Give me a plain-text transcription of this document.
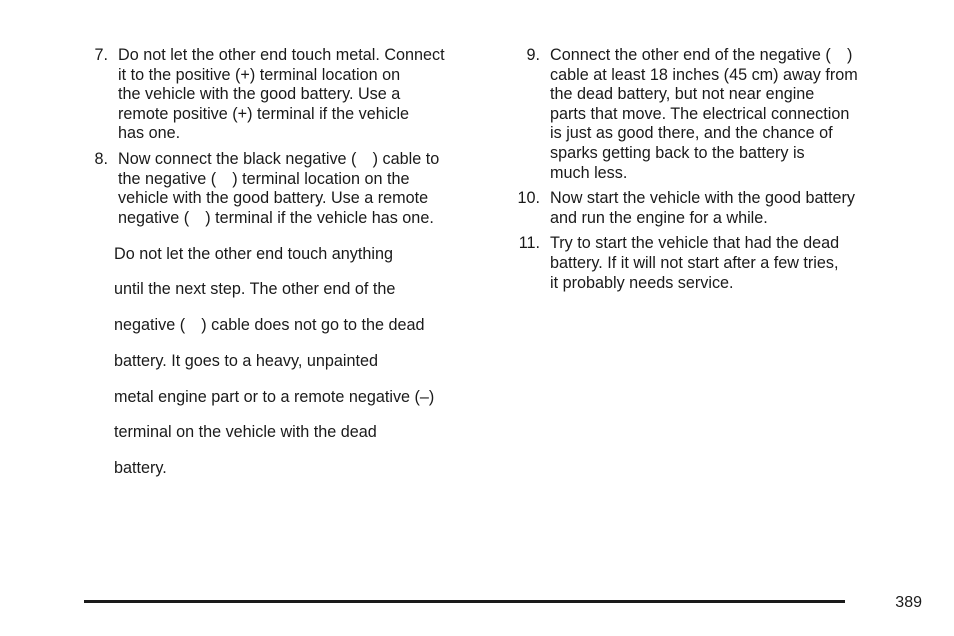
7. Do not let the other end touch metal. Connect

it to the positive (+) terminal location on

the vehicle with the good battery. Use a

remote positive (+) terminal if the vehicle

has one.

8. Now connect the black negative ( ) cable to

the negative ( ) terminal location on the

vehicle with the good battery. Use a remote

negative ( ) terminal if the vehicle has one.

Do not let the other end touch anything

until the next step. The other end of the

negative ( ) cable does not go to the dead

battery. It goes to a heavy, unpainted

metal engine part or to a remote negative (–)

terminal on the vehicle with the dead

battery.

9. Connect the other end of the negative ( )

cable at least 18 inches (45 cm) away from

the dead battery, but not near engine

parts that move. The electrical connection

is just as good there, and the chance of

sparks getting back to the battery is

much less.

10. Now start the vehicle with the good battery

and run the engine for a while.

11. Try to start the vehicle that had the dead

battery. If it will not start after a few tries,

it probably needs service.

389
